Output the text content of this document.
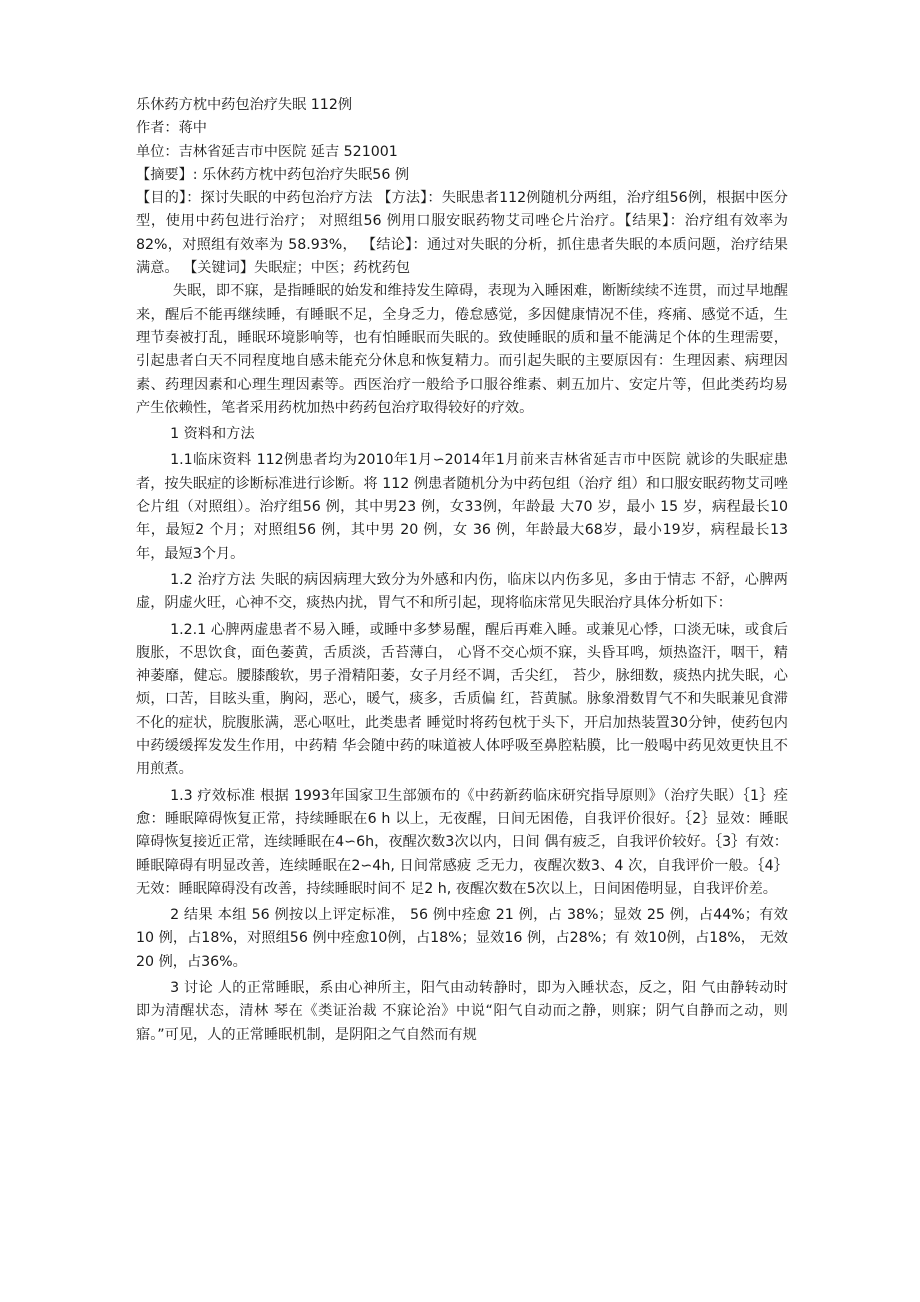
乐休药方枕中药包治疗失眠 112例

作者：蒋中

单位：吉林省延吉市中医院 延吉 521001

【摘要】: 乐休药方枕中药包治疗失眠56 例

【目的】：探讨失眠的中药包治疗方法 【方法】：失眠患者112例随机分两组，治疗组56例，根据中医分型，使用中药包进行治疗； 对照组56 例用口服安眠药物艾司唑仑片治疗。【结果】：治疗组有效率为 82%，对照组有效率为 58.93%， 【结论】：通过对失眠的分析，抓住患者失眠的本质问题，治疗结果满意。 【关键词】失眠症；中医；药枕药包

失眠，即不寐，是指睡眠的始发和维持发生障碍，表现为入睡困难，断断续续不连贯，而过早地醒来，醒后不能再继续睡，有睡眠不足，全身乏力，倦怠感觉，多因健康情况不佳，疼痛、感觉不适，生理节奏被打乱，睡眠环境影响等，也有怕睡眠而失眠的。致使睡眠的质和量不能满足个体的生理需要，引起患者白天不同程度地自感未能充分休息和恢复精力。而引起失眠的主要原因有：生理因素、病理因素、药理因素和心理生理因素等。西医治疗一般给予口服谷维素、刺五加片、安定片等，但此类药均易产生依赖性，笔者采用药枕加热中药药包治疗取得较好的疗效。

1 资料和方法

1.1临床资料 112例患者均为2010年1月∽2014年1月前来吉林省延吉市中医院 就诊的失眠症患者，按失眠症的诊断标准进行诊断。将 112 例患者随机分为中药包组（治疗 组）和口服安眠药物艾司唑仑片组（对照组）。治疗组56 例，其中男23 例，女33例，年龄最 大70 岁，最小 15 岁，病程最长10年，最短2 个月；对照组56 例，其中男 20 例，女 36 例，年龄最大68岁，最小19岁，病程最长13年，最短3个月。

1.2 治疗方法 失眠的病因病理大致分为外感和内伤，临床以内伤多见，多由于情志 不舒，心脾两虚，阴虚火旺，心神不交，痰热内扰，胃气不和所引起，现将临床常见失眠治疗具体分析如下：

1.2.1 心脾两虚患者不易入睡，或睡中多梦易醒，醒后再难入睡。或兼见心悸，口淡无味，或食后腹胀，不思饮食，面色萎黄，舌质淡，舌苔薄白， 心肾不交心烦不寐，头昏耳鸣，烦热盗汗，咽干，精神萎靡，健忘。腰膝酸软，男子滑精阳萎，女子月经不调，舌尖红， 苔少，脉细数，痰热内扰失眠，心烦，口苦，目眩头重，胸闷，恶心，暖气，痰多，舌质偏 红，苔黄腻。脉象滑数胃气不和失眠兼见食滞不化的症状，脘腹胀满，恶心呕吐，此类患者 睡觉时将药包枕于头下，开启加热装置30分钟，使药包内中药缓缓挥发发生作用，中药精 华会随中药的味道被人体呼吸至鼻腔粘膜，比一般喝中药见效更快且不用煎煮。

1.3 疗效标准 根据 1993年国家卫生部颁布的《中药新药临床研究指导原则》（治疗失眠）｛1｝痊愈：睡眠障碍恢复正常，持续睡眠在6 h 以上，无夜醒，日间无困倦，自我评价很好。｛2｝显效：睡眠障碍恢复接近正常，连续睡眠在4∽6h，夜醒次数3次以内，日间 偶有疲乏，自我评价较好。｛3｝有效：睡眠障碍有明显改善，连续睡眠在2∽4h, 日间常感疲 乏无力，夜醒次数3、4 次，自我评价一般。｛4｝无效：睡眠障碍没有改善，持续睡眠时间不 足2 h, 夜醒次数在5次以上，日间困倦明显，自我评价差。

2 结果 本组 56 例按以上评定标准， 56 例中痊愈 21 例，占 38%；显效 25 例，占44%；有效10 例，占18%，对照组56 例中痊愈10例，占18%；显效16 例，占28%；有 效10例，占18%， 无效 20 例，占36%。

3 讨论 人的正常睡眠，系由心神所主，阳气由动转静时，即为入睡状态，反之，阳 气由静转动时即为清醒状态，清林 琴在《类证治裁 不寐论治》中说“阳气自动而之静，则寐；阴气自静而之动，则寤。”可见，人的正常睡眠机制，是阴阳之气自然而有规
